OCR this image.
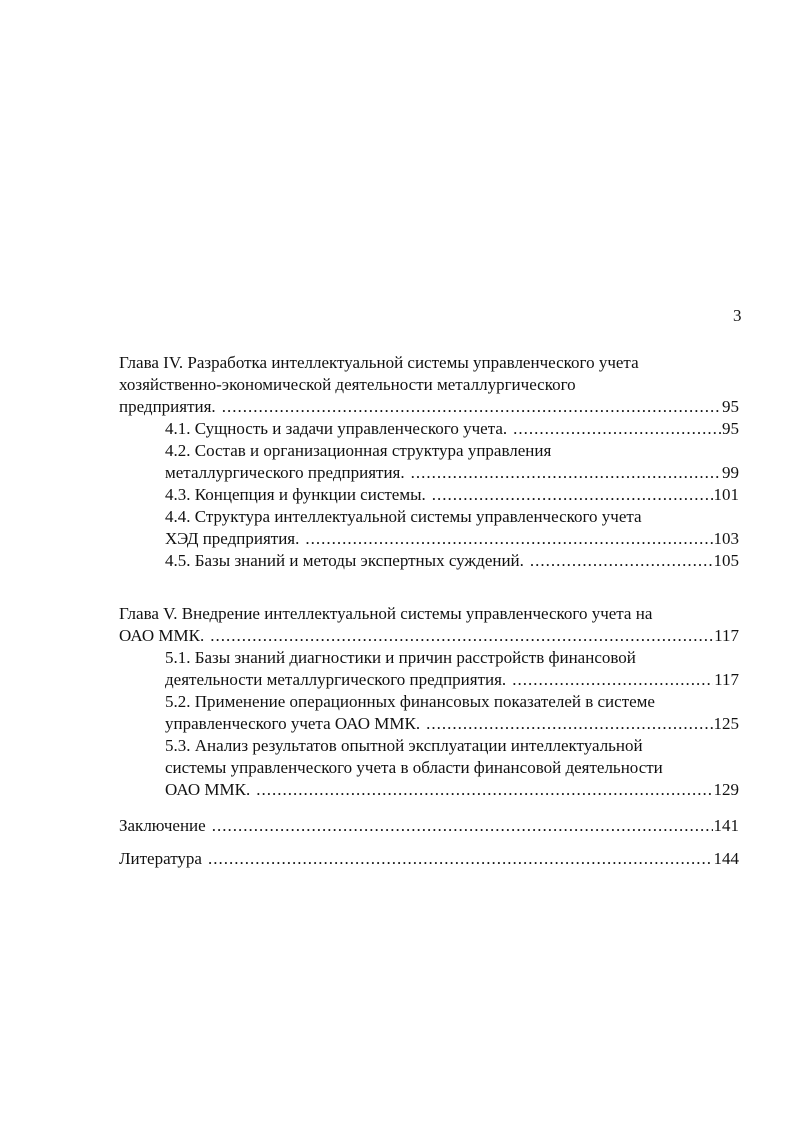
3
Глава IV. Разработка интеллектуальной системы управленческого учета
хозяйственно-экономической деятельности металлургического
предприятия. .....	95
4.1. Сущность и задачи управленческого учета. .....	95
4.2. Состав и организационная структура управления
металлургического предприятия. .....	99
4.3. Концепция и функции системы. .....	101
4.4. Структура интеллектуальной системы управленческого учета
ХЭД предприятия. .....	103
4.5. Базы знаний и методы экспертных суждений. .....	105
Глава V. Внедрение интеллектуальной системы управленческого учета на
ОАО ММК. .....	117
5.1. Базы знаний диагностики и причин расстройств финансовой
деятельности металлургического предприятия. .....	117
5.2. Применение операционных финансовых показателей в системе
управленческого учета ОАО ММК. .....	125
5.3. Анализ результатов опытной эксплуатации интеллектуальной
системы управленческого учета в области финансовой деятельности
ОАО ММК. .....	129
Заключение .....	141
Литература .....	144
